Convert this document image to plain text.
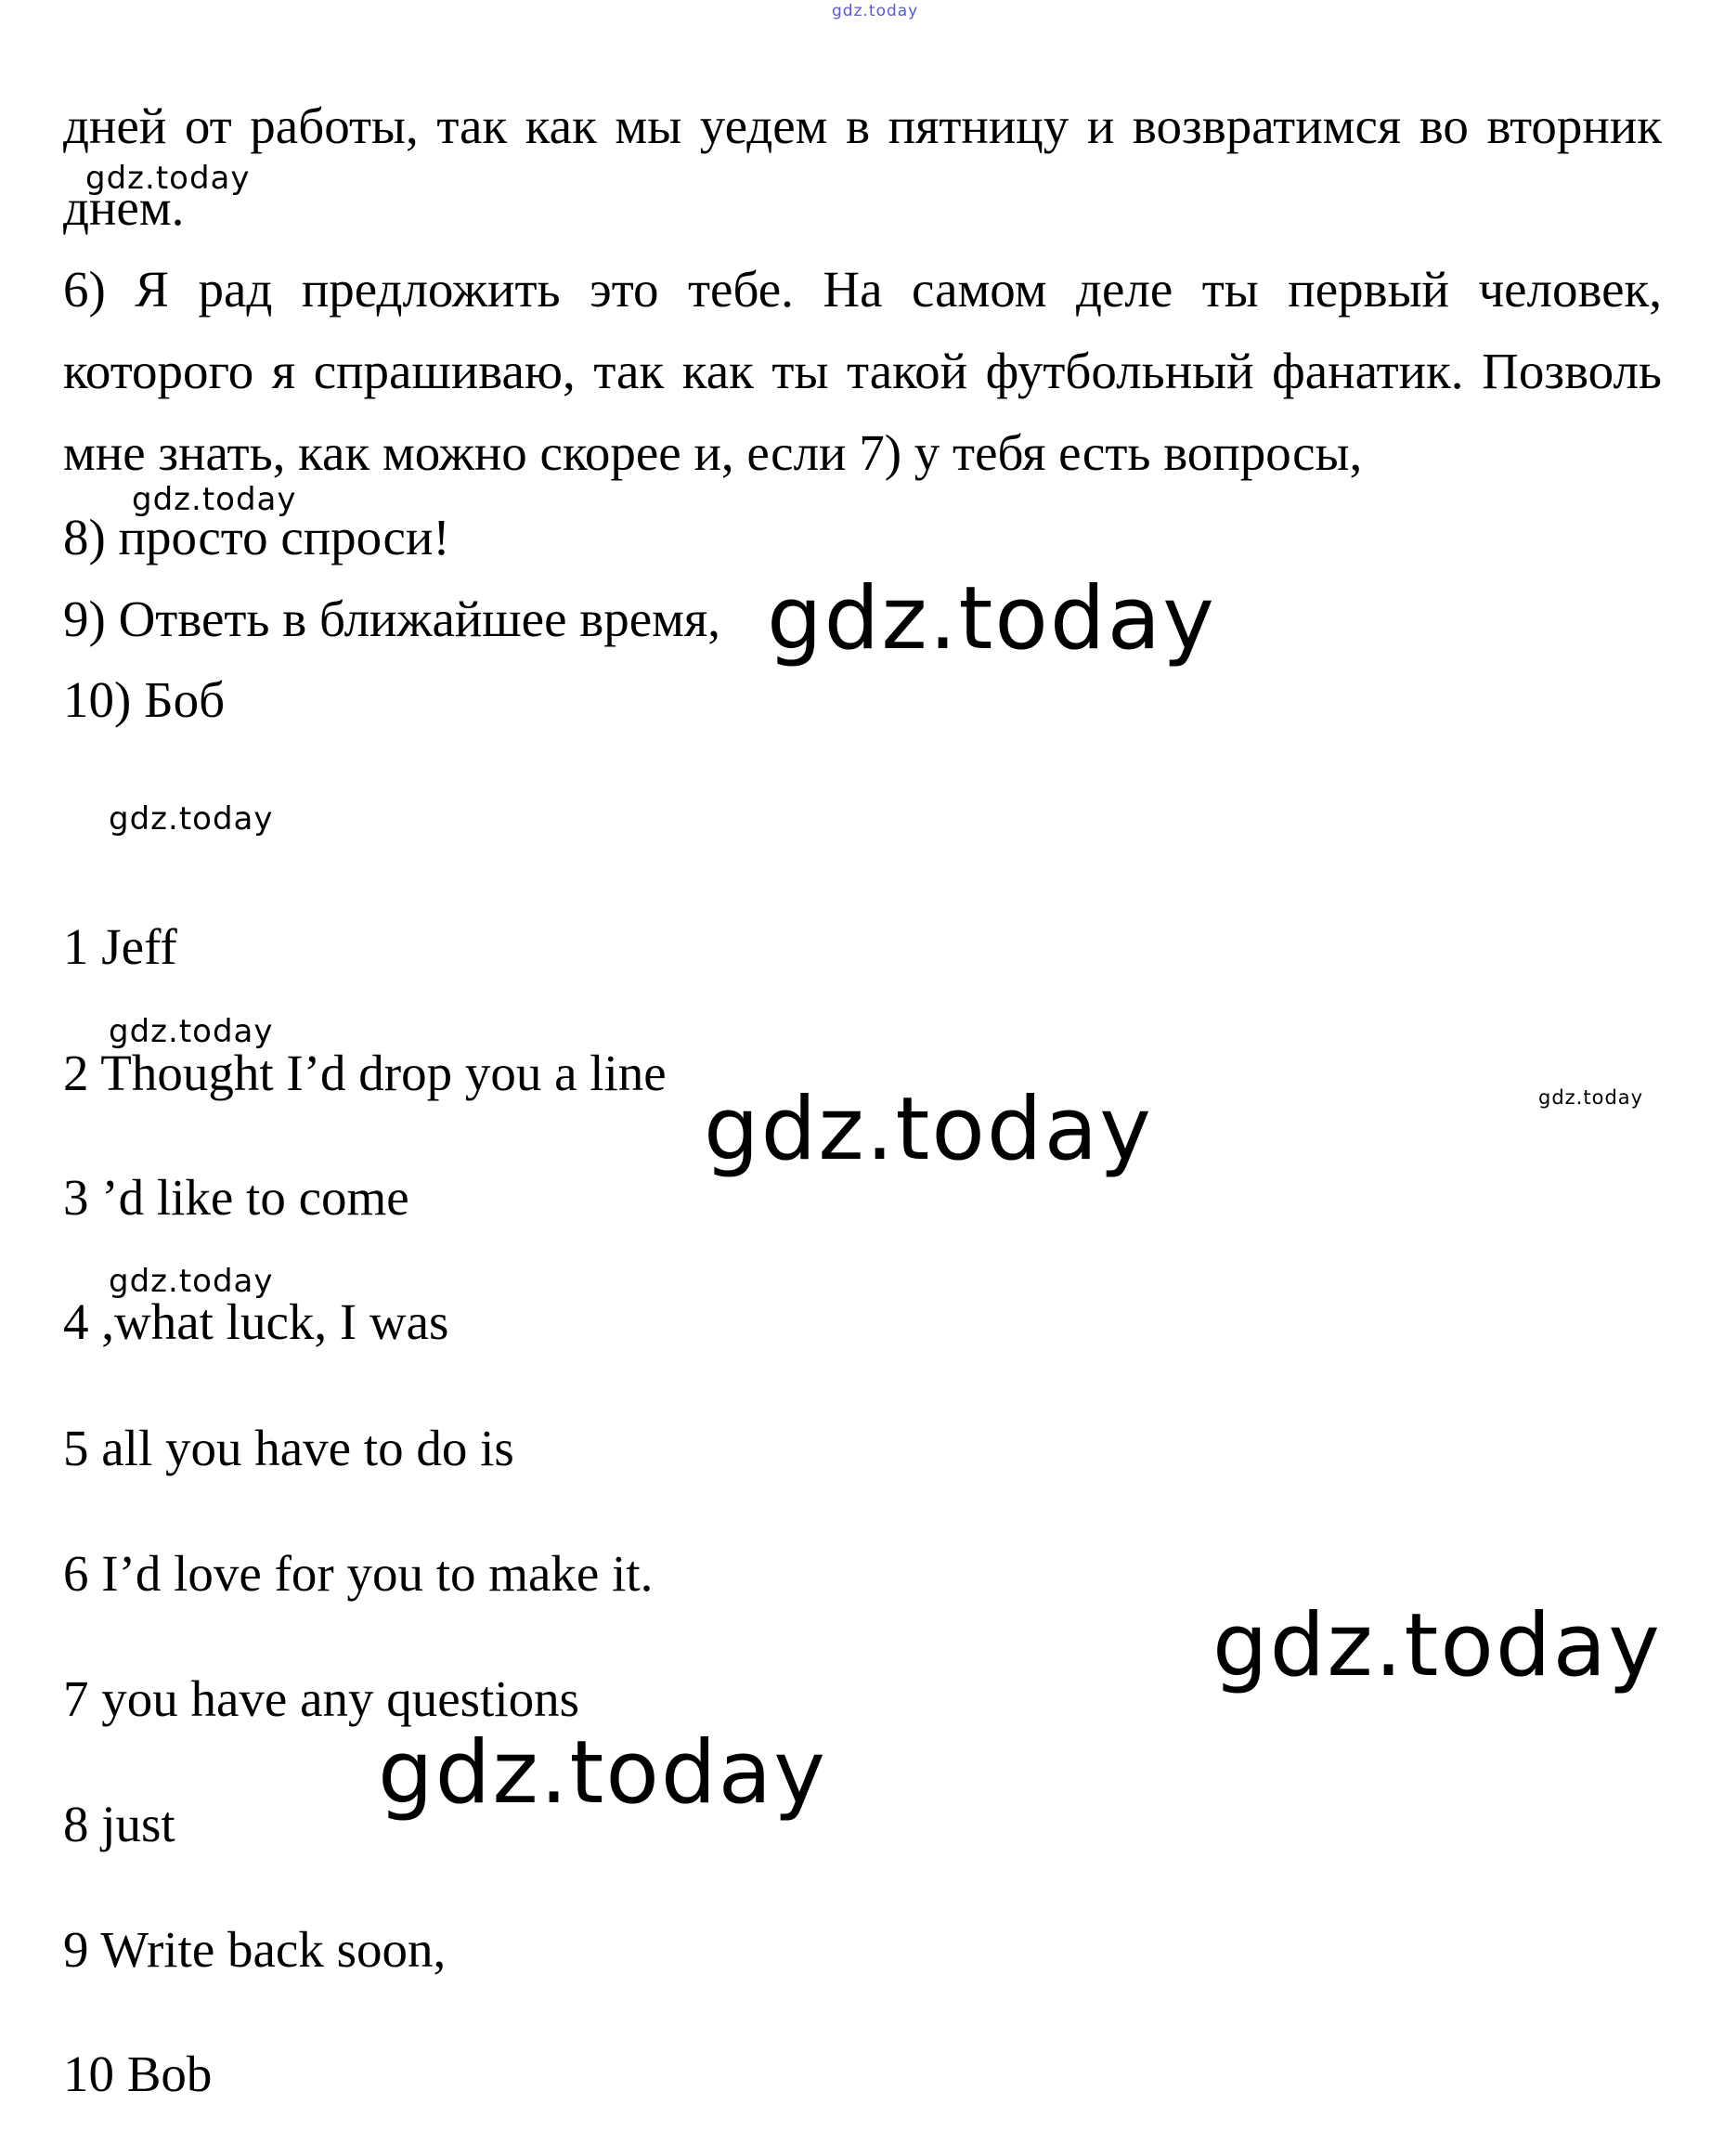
gdz.today

дней от работы, так как мы уедем в пятницу и возвратимся во вторник днем.

6) Я рад предложить это тебе. На самом деле ты первый человек, которого я спрашиваю, так как ты такой футбольный фанатик. Позволь мне знать, как можно скорее и, если 7) у тебя есть вопросы,

8) просто спроси!

9) Ответь в ближайшее время,

10) Боб

1 Jeff

2 Thought I’d drop you a line

3 ’d like to come

4 ,what luck, I was

5 all you have to do is

6 I’d love for you to make it.

7 you have any questions

8 just

9 Write back soon,

10 Bob

gdz.today
gdz.today
gdz.today
gdz.today
gdz.today
gdz.today
gdz.today
gdz.today
gdz.today
gdz.today
